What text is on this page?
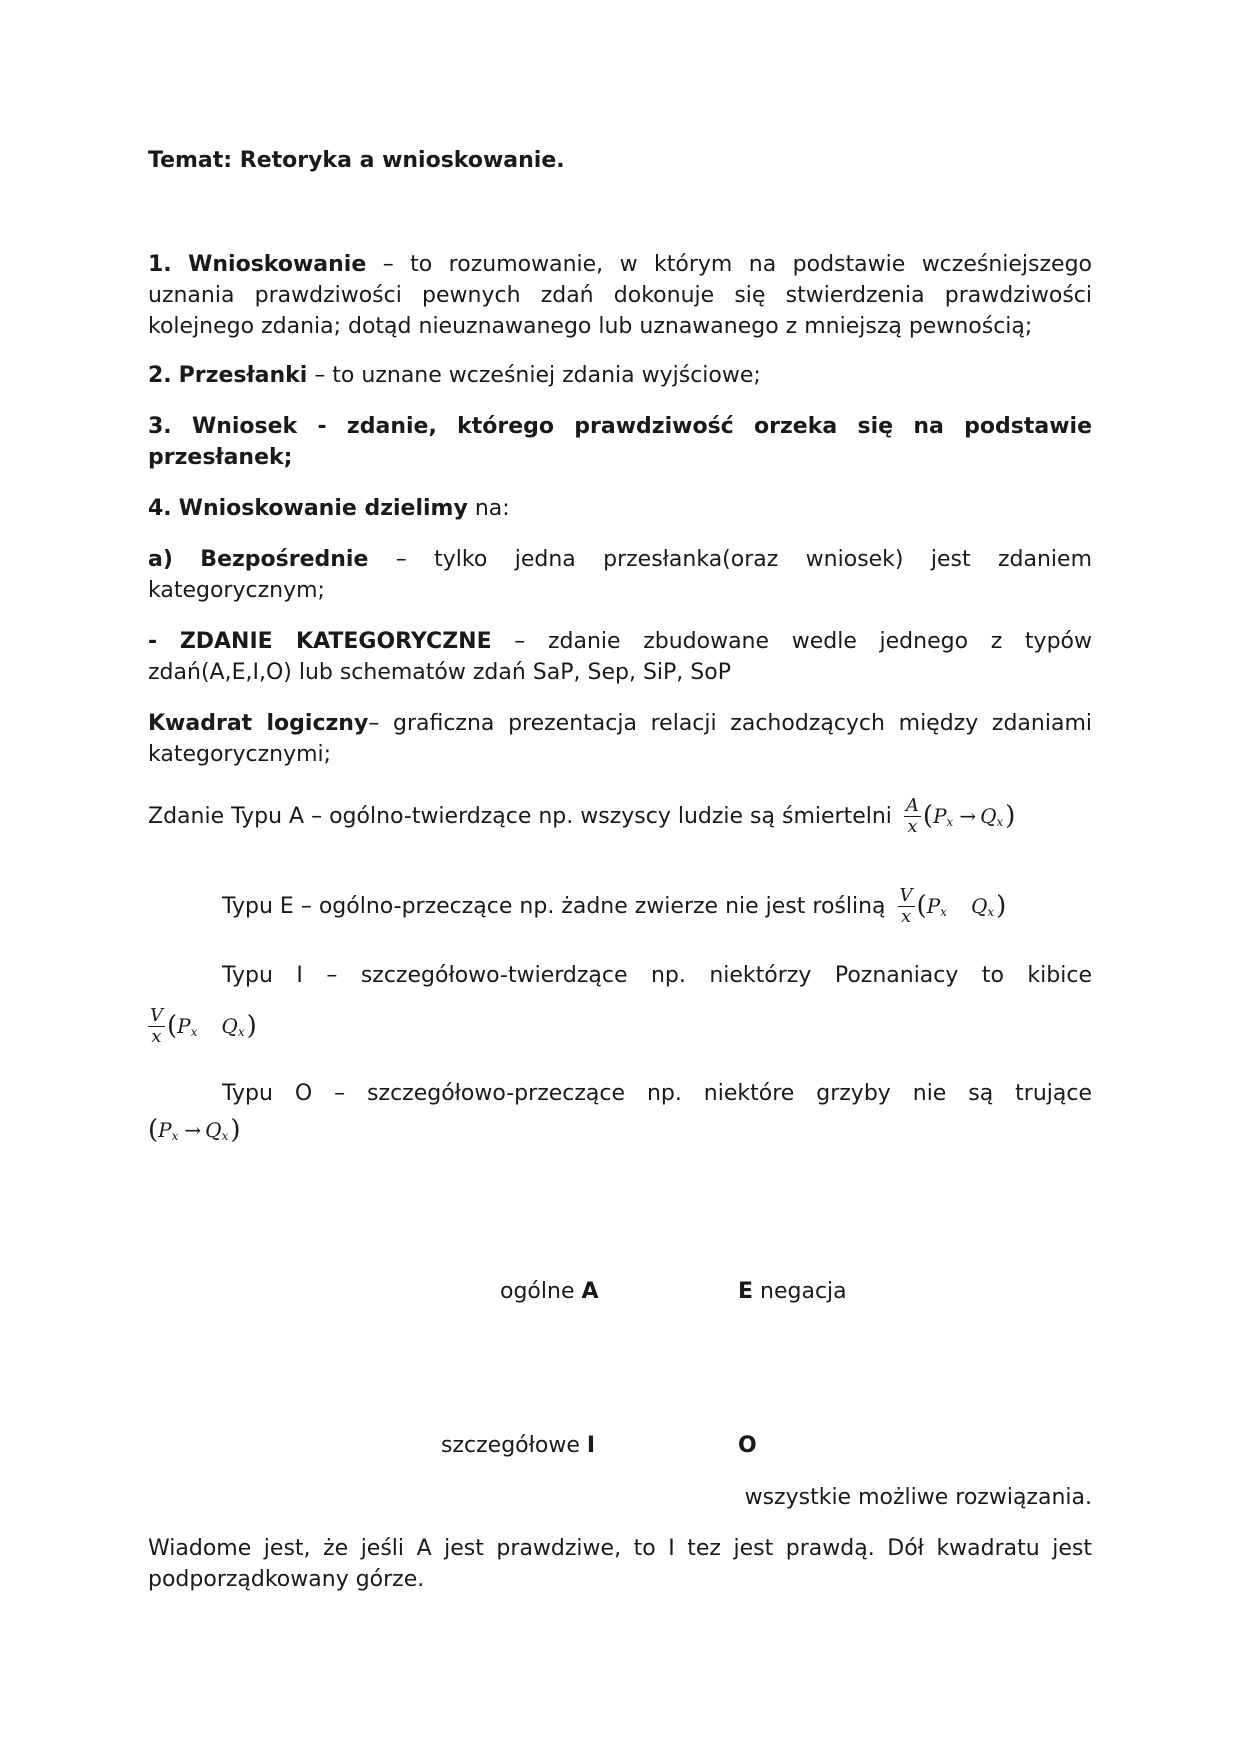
Temat: Retoryka a wnioskowanie.

1. Wnioskowanie – to rozumowanie, w którym na podstawie wcześniejszego

uznania prawdziwości pewnych zdań dokonuje się stwierdzenia prawdziwości

kolejnego zdania; dotąd nieuznawanego lub uznawanego z mniejszą pewnością;

2. Przesłanki – to uznane wcześniej zdania wyjściowe;

3. Wniosek - zdanie, którego prawdziwość orzeka się na podstawie

przesłanek;

4. Wnioskowanie dzielimy na:

a) Bezpośrednie – tylko jedna przesłanka(oraz wniosek) jest zdaniem

kategorycznym;

- ZDANIE KATEGORYCZNE – zdanie zbudowane wedle jednego z typów

zdań(A,E,I,O) lub schematów zdań SaP, Sep, SiP, SoP

Kwadrat logiczny– graficzna prezentacja relacji zachodzących między zdaniami

kategorycznymi;

Zdanie Typu A – ogólno-twierdzące np. wszyscy ludzie są śmiertelni $\frac{A}{x}$ ( P x → Q x )
Typu E – ogólno-przeczące np. żadne zwierze nie jest rośliną $\frac{V}{x}$ ( P x Q x )

Typu I – szczegółowo-twierdzące np. niektórzy Poznaniacy to kibice

$\frac{V}{x}$ ( P x Q x )

Typu O – szczegółowo-przeczące np. niektóre grzyby nie są trujące

( P x → Q x )

ogólne A	E negacja

szczegółowe I	O

wszystkie możliwe rozwiązania.

Wiadome jest, że jeśli A jest prawdziwe, to I tez jest prawdą. Dół kwadratu jest

podporządkowany górze.
